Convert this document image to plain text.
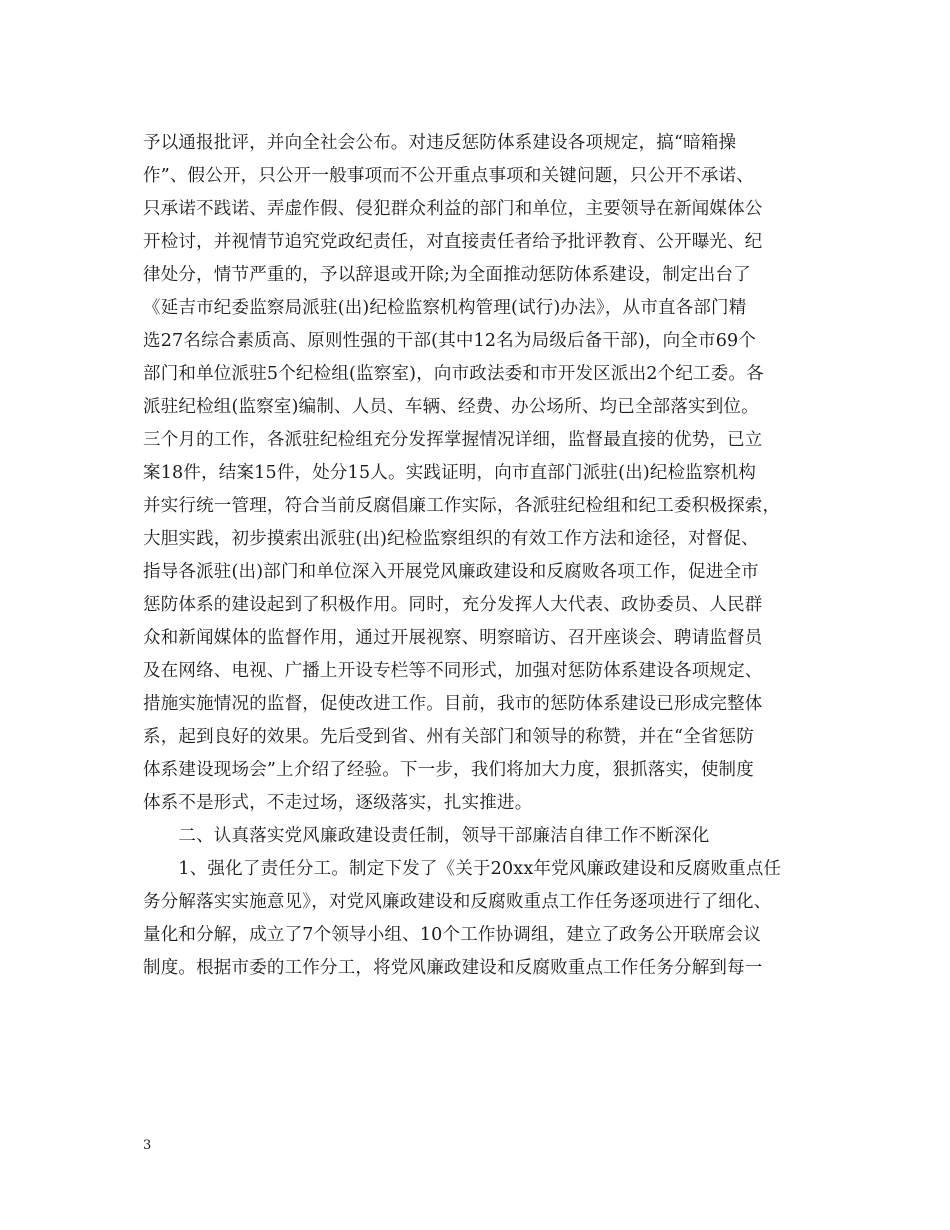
予以通报批评，并向全社会公布。对违反惩防体系建设各项规定，搞“暗箱操
作”、假公开，只公开一般事项而不公开重点事项和关键问题，只公开不承诺、
只承诺不践诺、弄虚作假、侵犯群众利益的部门和单位，主要领导在新闻媒体公
开检讨，并视情节追究党政纪责任，对直接责任者给予批评教育、公开曝光、纪
律处分，情节严重的，予以辞退或开除;为全面推动惩防体系建设，制定出台了
《延吉市纪委监察局派驻(出)纪检监察机构管理(试行)办法》，从市直各部门精
选27名综合素质高、原则性强的干部(其中12名为局级后备干部)，向全市69个
部门和单位派驻5个纪检组(监察室)，向市政法委和市开发区派出2个纪工委。各
派驻纪检组(监察室)编制、人员、车辆、经费、办公场所、均已全部落实到位。
三个月的工作，各派驻纪检组充分发挥掌握情况详细，监督最直接的优势，已立
案18件，结案15件，处分15人。实践证明，向市直部门派驻(出)纪检监察机构
并实行统一管理，符合当前反腐倡廉工作实际，各派驻纪检组和纪工委积极探索，
大胆实践，初步摸索出派驻(出)纪检监察组织的有效工作方法和途径，对督促、
指导各派驻(出)部门和单位深入开展党风廉政建设和反腐败各项工作，促进全市
惩防体系的建设起到了积极作用。同时，充分发挥人大代表、政协委员、人民群
众和新闻媒体的监督作用，通过开展视察、明察暗访、召开座谈会、聘请监督员
及在网络、电视、广播上开设专栏等不同形式，加强对惩防体系建设各项规定、
措施实施情况的监督，促使改进工作。目前，我市的惩防体系建设已形成完整体
系，起到良好的效果。先后受到省、州有关部门和领导的称赞，并在“全省惩防
体系建设现场会”上介绍了经验。下一步，我们将加大力度，狠抓落实，使制度
体系不是形式，不走过场，逐级落实，扎实推进。
　　二、认真落实党风廉政建设责任制，领导干部廉洁自律工作不断深化
　　1、强化了责任分工。制定下发了《关于20xx年党风廉政建设和反腐败重点任
务分解落实实施意见》，对党风廉政建设和反腐败重点工作任务逐项进行了细化、
量化和分解，成立了7个领导小组、10个工作协调组，建立了政务公开联席会议
制度。根据市委的工作分工，将党风廉政建设和反腐败重点工作任务分解到每一
3
